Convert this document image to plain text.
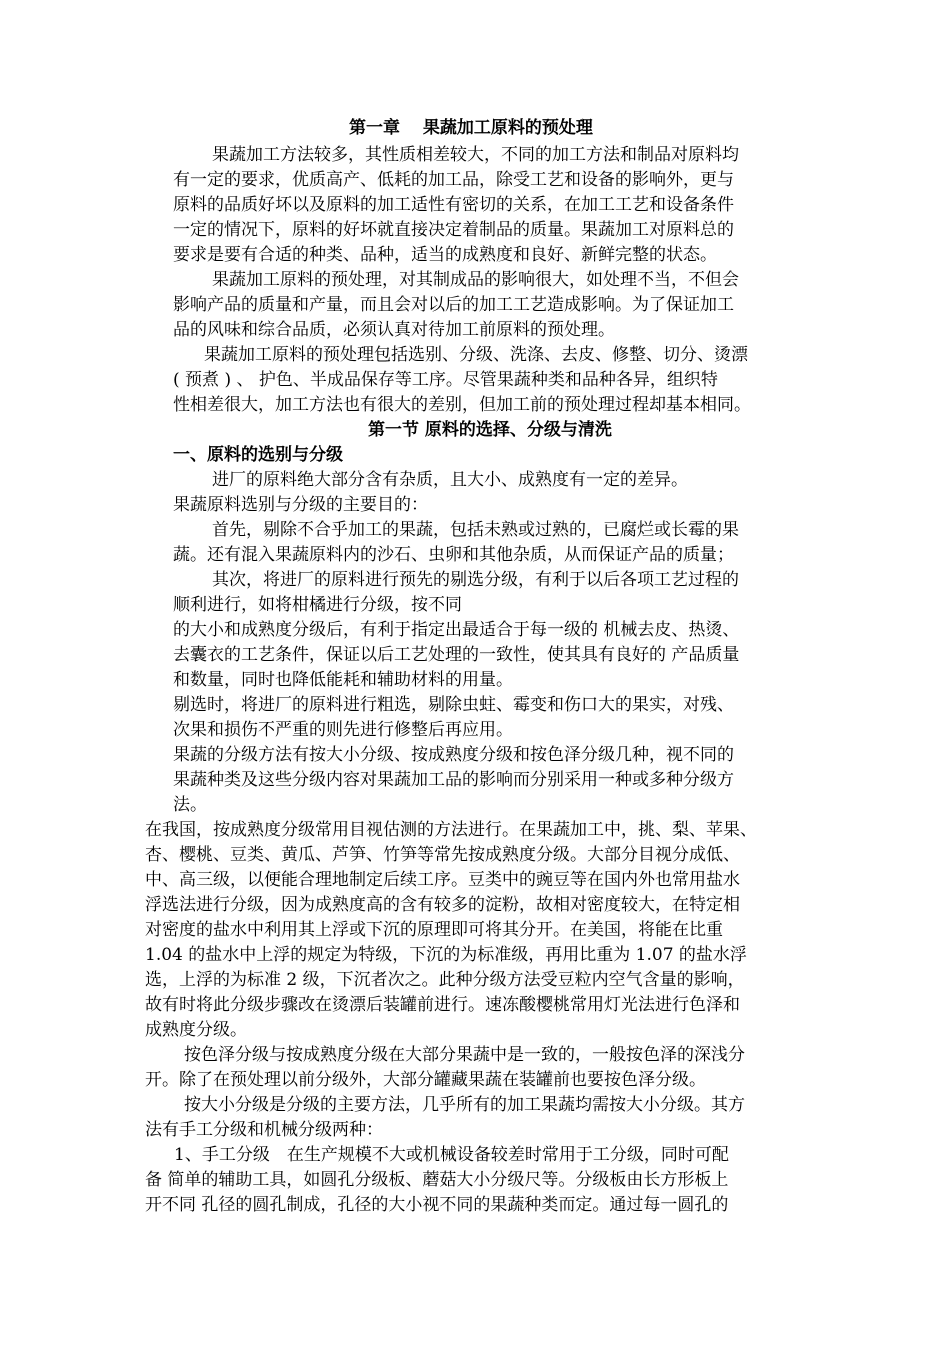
第一章　 果蔬加工原料的预处理
果蔬加工方法较多，其性质相差较大，不同的加工方法和制品对原料均
有一定的要求，优质高产、低耗的加工品，除受工艺和设备的影响外，更与
原料的品质好坏以及原料的加工适性有密切的关系，在加工工艺和设备条件
一定的情况下，原料的好坏就直接决定着制品的质量。果蔬加工对原料总的
要求是要有合适的种类、品种，适当的成熟度和良好、新鲜完整的状态。
果蔬加工原料的预处理，对其制成品的影响很大，如处理不当，不但会
影响产品的质量和产量，而且会对以后的加工工艺造成影响。为了保证加工
品的风味和综合品质，必须认真对待加工前原料的预处理。
果蔬加工原料的预处理包括选别、分级、洗涤、去皮、修整、切分、烫漂
( 预煮 ) 、 护色、半成品保存等工序。尽管果蔬种类和品种各异，组织特
性相差很大，加工方法也有很大的差别，但加工前的预处理过程却基本相同。
第一节 原料的选择、分级与清洗
一、原料的选别与分级
进厂的原料绝大部分含有杂质，且大小、成熟度有一定的差异。
果蔬原料选别与分级的主要目的：
首先，剔除不合乎加工的果蔬，包括未熟或过熟的，已腐烂或长霉的果
蔬。还有混入果蔬原料内的沙石、虫卵和其他杂质，从而保证产品的质量；
其次，将进厂的原料进行预先的剔选分级，有利于以后各项工艺过程的
顺利进行，如将柑橘进行分级，按不同
的大小和成熟度分级后，有利于指定出最适合于每一级的 机械去皮、热烫、
去囊衣的工艺条件，保证以后工艺处理的一致性，使其具有良好的 产品质量
和数量，同时也降低能耗和辅助材料的用量。
剔选时，将进厂的原料进行粗选，剔除虫蛀、霉变和伤口大的果实，对残、
次果和损伤不严重的则先进行修整后再应用。
果蔬的分级方法有按大小分级、按成熟度分级和按色泽分级几种，视不同的
果蔬种类及这些分级内容对果蔬加工品的影响而分别采用一种或多种分级方
法。
在我国，按成熟度分级常用目视估测的方法进行。在果蔬加工中，挑、梨、苹果、
杏、樱桃、豆类、黄瓜、芦笋、竹笋等常先按成熟度分级。大部分目视分成低、
中、高三级，以便能合理地制定后续工序。豆类中的豌豆等在国内外也常用盐水
浮选法进行分级，因为成熟度高的含有较多的淀粉，故相对密度较大，在特定相
对密度的盐水中利用其上浮或下沉的原理即可将其分开。在美国，将能在比重
1.04 的盐水中上浮的规定为特级，下沉的为标准级，再用比重为 1.07 的盐水浮
选，上浮的为标准 2 级，下沉者次之。此种分级方法受豆粒内空气含量的影响，
故有时将此分级步骤改在烫漂后装罐前进行。速冻酸樱桃常用灯光法进行色泽和
成熟度分级。
按色泽分级与按成熟度分级在大部分果蔬中是一致的，一般按色泽的深浅分
开。除了在预处理以前分级外，大部分罐藏果蔬在装罐前也要按色泽分级。
按大小分级是分级的主要方法，几乎所有的加工果蔬均需按大小分级。其方
法有手工分级和机械分级两种：
1、手工分级　在生产规模不大或机械设备较差时常用于工分级，同时可配
备 简单的辅助工具，如圆孔分级板、蘑菇大小分级尺等。分级板由长方形板上
开不同 孔径的圆孔制成，孔径的大小视不同的果蔬种类而定。通过每一圆孔的
